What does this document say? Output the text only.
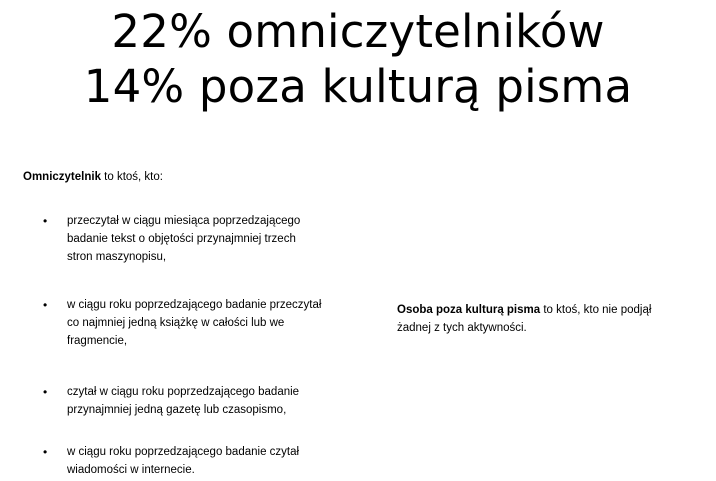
22% omniczytelników
14% poza kulturą pisma

Omniczytelnik to ktoś, kto:

• przeczytał w ciągu miesiąca poprzedzającego
badanie tekst o objętości przynajmniej trzech
stron maszynopisu,
• w ciągu roku poprzedzającego badanie przeczytał
co najmniej jedną książkę w całości lub we
fragmencie,
• czytał w ciągu roku poprzedzającego badanie
przynajmniej jedną gazetę lub czasopismo,
• w ciągu roku poprzedzającego badanie czytał
wiadomości w internecie.

Osoba poza kulturą pisma to ktoś, kto nie podjął
żadnej z tych aktywności.
